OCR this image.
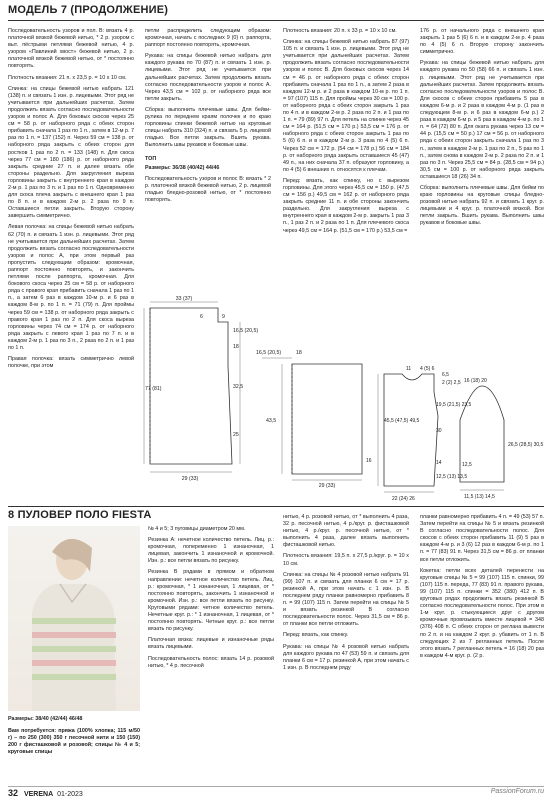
МОДЕЛЬ 7 (ПРОДОЛЖЕНИЕ)

Последовательность узоров и пол. В: вязать 4 р. платочной вязкой бежевой нитью, * 2 р. узором с выт. пёстрыми петлями бежевой нитью, 4 р. узором «Павлиний хвост» бежевой нитью, 2 р. платочной вязкой бежевой нитью, от * постоянно повторять.

Плотность вязания: 21 п. х 23,5 р. = 10 х 10 см.

Спинка: на спицы бежевой нитью набрать 121 (138) п. и связать 1 изн. р. лицевыми. Этот ряд не учитывается при дальнейших расчетах. Затем продолжить вязать согласно последовательности узоров и полос А. Для боковых скосов через 25 см = 58 р. от наборного ряда с обеих сторон прибавить сначала 1 раз по 1 п., затем в 12-м р. 7 раз по 1 п. = 137 (152) п. Через 59 см = 138 р. от наборного ряда закрыть с обеих сторон для ростков 1 раз по 2 п. = 133 (148) п. Для скоса через 77 см = 180 (186) р. от наборного ряда закрыть средние 27 п. и далее вязать обе стороны раздельно. Для закругления выреза горловины закрыть с внутреннего края в каждом 2-м р. 1 раз по 3 п. и 1 раз по 1 п. Одновременно для скоса плеча закрыть с внешнего края 1 раз по 8 п. и в каждом 2-м р. 2 раза по 9 п. Оставшиеся петли закрыть. Вторую сторону завершить симметрично.

Левая полочка: на спицы бежевой нитью набрать 62 (70) п. и связать 1 изн. р. лицевыми. Этот ряд не учитывается при дальнейших расчетах. Затем продолжить вязать согласно последовательности узоров и полос А, при этом первый раз пропустить следующим образом: кромочная, раппорт постоянно повторять, и закончить петлями после раппорта, кромочная. Для бокового скоса через 25 см = 58 р. от наборного ряда с правого края прибавить сначала 1 раз по 1 п., а затем 6 раз в каждом 10-м р. и 6 раз в каждом 8-м р. по 1 п. = 71 (79) п. Для проймы через 59 см = 138 р. от наборного ряда закрыть с правого края 1 раз по 2 п. Для скоса выреза горловины через 74 см = 174 р. от наборного ряда закрыть с левого края 1 раз по 7 п. и в каждом 2-м р. 1 раз по 3 п., 2 раза по 2 п. и 1 раз по 1 п.

Правая полочка: вязать симметрично левой полочке, при этом

петли распределить следующим образом: кромочная, начать с последних 9 (0) п. раппорта, раппорт постоянно повторять, кромочная.

Рукава: на спицы бежевой нитью набрать для каждого рукава по 70 (87) п. и связать 1 изн. р. лицевыми. Этот ряд не учитывается при дальнейших расчетах. Затем продолжить вязать согласно последовательности узоров и полос А. Через 43,5 см = 102 р. от наборного ряда все петли закрыть.

Сборка: выполнить плечевые швы. Для бейки-рулика по переднем краям полочек и по краю горловины спинки бежевой нитью на круговые спицы набрать 310 (324) п. и связать 5 р. лицевой гладью. Все петли закрыть. Вшить рукава. Выполнить швы рукавов и боковые швы.

ТОП

Размеры: 36/38 (40/42) 44/46

Последовательность узоров и полос В: вязать * 2 р. платочной вязкой бежевой нитью, 2 р. лицевой гладью бледно-розовой нитью, от * постоянно повторять.

Плотность вязания: 20 п. х 33 р. = 10 х 10 см.

Спинка: на спицы бежевой нитью набрать 87 (97) 105 п. и связать 1 изн. р. лицевыми. Этот ряд не учитывается при дальнейших расчетах. Затем продолжить вязать согласно последовательности узоров и полос В. Для боковых скосов через 14 см = 46 р. от наборного ряда с обеих сторон прибавить сначала 1 раз по 1 п., а затем 2 раза в каждом 12-м р. и 2 раза в каждом 10-м р. по 1 п. = 97 (107) 115 п. Для проймы через 30 см = 100 р. от наборного ряда с обеих сторон закрыть 1 раз по 4 п. и в каждом 2-м р. 2 раза по 2 п. и 1 раз по 1 п. = 79 (89) 97 п. Для петель на спинке через 45 см = 164 р. (51,5 см = 170 р.) 53,5 см = 176 р. от наборного ряда с обеих сторон закрыть 1 раз по 5 (6) 6 п. и в каждом 2-м р. 3 раза по 4 (5) 6 п. Через 52 см = 172 р. (54 см = 178 р.) 56 см = 184 р. от наборного ряда закрыть оставшиеся 45 (47) 49 п., на них сначала 37 п. образуют горловину, а по 4 (5) 6 внешних п. относятся к плечам.

Перед: вязать, как спинку, но с вырезом горловины. Для этого через 45,5 см = 150 р. (47,5 см = 156 р.) 49,5 см = 162 р. от наборного ряда закрыть средние 11 п. и обе стороны закончить раздельно. Для закругления выреза с внутреннего края в каждом 2-м р. закрыть 1 раз 3 п., 1 раз 2 п. и 2 раза по 1 п. Для плечевого скоса через 49,5 см = 164 р. (51,5 см = 170 р.) 53,5 см =

176 р. от начального ряда с внешнего края закрыть 1 раз 5 (6) 6 п. и в каждом 2-м р. 4 раза по 4 (5) 6 п. Вторую сторону закончить симметрично.

Рукава: на спицы бежевой нитью набрать для каждого рукава по 50 (58) 66 п. и связать 1 изн. р. лицевыми. Этот ряд не учитывается при дальнейших расчетах. Затем продолжить вязать согласно последовательности узоров и полос В. Для скосов с обеих сторон прибавить 5 раз в каждом 6-м р. и 2 раза в каждом 4-м р. (1 раз в следующем 8-м р. и 6 раз в каждом 6-м р.) 2 раза в каждом 6-м р. и 5 раз в каждом 4-м р. по 1 п. = 64 (72) 80 п. Для оката рукава через 13 см = 44 р. (15,5 см = 50 р.) 17 см = 56 р. от наборного ряда с обеих сторон закрыть сначала 1 раз по 3 п., затем в каждом 2-м р. 1 раз по 2 п., 5 раз по 1 п., затем снова в каждом 2-м р. 2 раза по 2 п. и 1 раз по 3 п. Через 25,5 см = 84 р. (28,5 см = 94 р.) 30,5 см = 100 р. от наборного ряда закрыть оставшиеся 18 (26) 34 п.

Сборка: выполнить плечевые швы. Для бейки по краю горловины на круговые спицы бледно-розовой нитью набрать 92 п. и связать 1 круг. р. лицевыми и 4 круг. р. платочной вязкой. Все петли закрыть. Вшить рукава. Выполнить швы рукавов и боковые швы.

33 (37)
9
16,5 (20,5)
18
32,5
77 (81)
25
29 (33)
6
16,5 (20,5)	18
43,5
29 (33)
11 4 (5) 6
6,5
2 (2) 2,5
19,5 (21,5) 23,5
45,5 (47,5) 49,5
30
16	14
22 (24) 26
12,5 (13) 13,5
16 (18) 20
26,5 (28,5) 30,5
12,5
11,5 (13) 14,5
8 ПУЛОВЕР ПОЛО FIESTA
Размеры: 38/40 (42/44) 46/48
Вам потребуется: пряжа (100% хлопка; 115 м/50 г) – по 250 (300) 350 г песочной нити и 150 (150) 200 г фисташковой и розовой; спицы № 4 и 5; круговые спицы

№ 4 и 5; 3 пуговицы диаметром 20 мм.

Резинка А: нечетное количество петель. Лиц. р.: кромочная, попеременно 1 изнаночная, 1 лицевая, закончить 1 изнаночной и кромочной. Изн. р.: все петли вязать по рисунку.

Резинка В рядами в прямом и обратном направлении: нечетное количество петель. Лиц. р.: кромочная, * 1 изнаночная, 1 лицевая, от * постоянно повторять, закончить 1 изнаночной и кромочной. Изн. р.: все петли вязать по рисунку. Круговыми рядами: четное количество петель. Нечетные круг. р.: * 1 изнаночная, 1 лицевая, от * постоянно повторять. Четные круг. р.: все петли вязать по рисунку.

Платочная вязка: лицевые и изнаночные ряды вязать лицевыми.

Последовательность полос: вязать 14 р. розовой нитью, * 4 р. песочной

нитью, 4 р. розовой нитью, от * выполнить 4 раза, 32 р. песочной нитью, 4 р./круг. р. фисташковой нитью, 4 р./круг. р. песочной нитью, от * выполнить 4 раза, далее вязать выполнить фисташковой нитью.

Плотность вязания: 19,5 п. х 27,5 р./круг. р. = 10 х 10 см.

Спинка: на спицы № 4 розовой нитью набрать 91 (99) 107 п. и связать для планки 6 см = 17 р. резинкой А, при этом начать с 1 изн. р. В последнем ряду планки равномерно прибавить 8 п. = 99 (107) 115 п. Затем перейти на спицы № 5 и вязать резинкой В согласно последовательности полос. Через 31,5 см = 86 р. от планки все петли отложить.

Перед: вязать, как спинку.

Рукава: на спицы № 4 розовой нитью набрать для каждого рукава по 47 (53) 59 п. и связать для планки 6 см = 17 р. резинкой А, при этом начать с 1 изн. р. В последнем ряду

планки равномерно прибавить 4 п. = 49 (53) 57 п. Затем перейти на спицы № 5 и вязать резинкой В согласно последовательности полос. Для скосов с обеих сторон прибавить 11 (9) 5 раз в каждом 4-м р. и 3 (6) 12 раз в каждом 6-м р. по 1 п. = 77 (83) 91 п. Через 31,5 см = 86 р. от планки все петли отложить.

Кокетка: петли всех деталей перенести на круговые спицы № 5 = 99 (107) 115 п. спинки, 99 (107) 115 п. переда, 77 (83) 91 п. правого рукава, 99 (107) 115 п. спинки = 352 (380) 412 п. В круговых рядах продолжить вязать резинкой В согласно последовательности полос. При этом в 1-м круг. р. стыкующиеся друг с другом кромочные провязывать вместе лицевой = 348 (376) 408 п. С обеих сторон от реглана вывести по 2 п. и на каждом 2 круг. р. убавить от 1 п. В следующих 2 из 7 регланных петель. После этого вязать 7 регланных петель = 16 (18) 20 раз в каждом 4-м круг. р. (2 р.

32 VERENA 01-2023	PassionForum.ru
